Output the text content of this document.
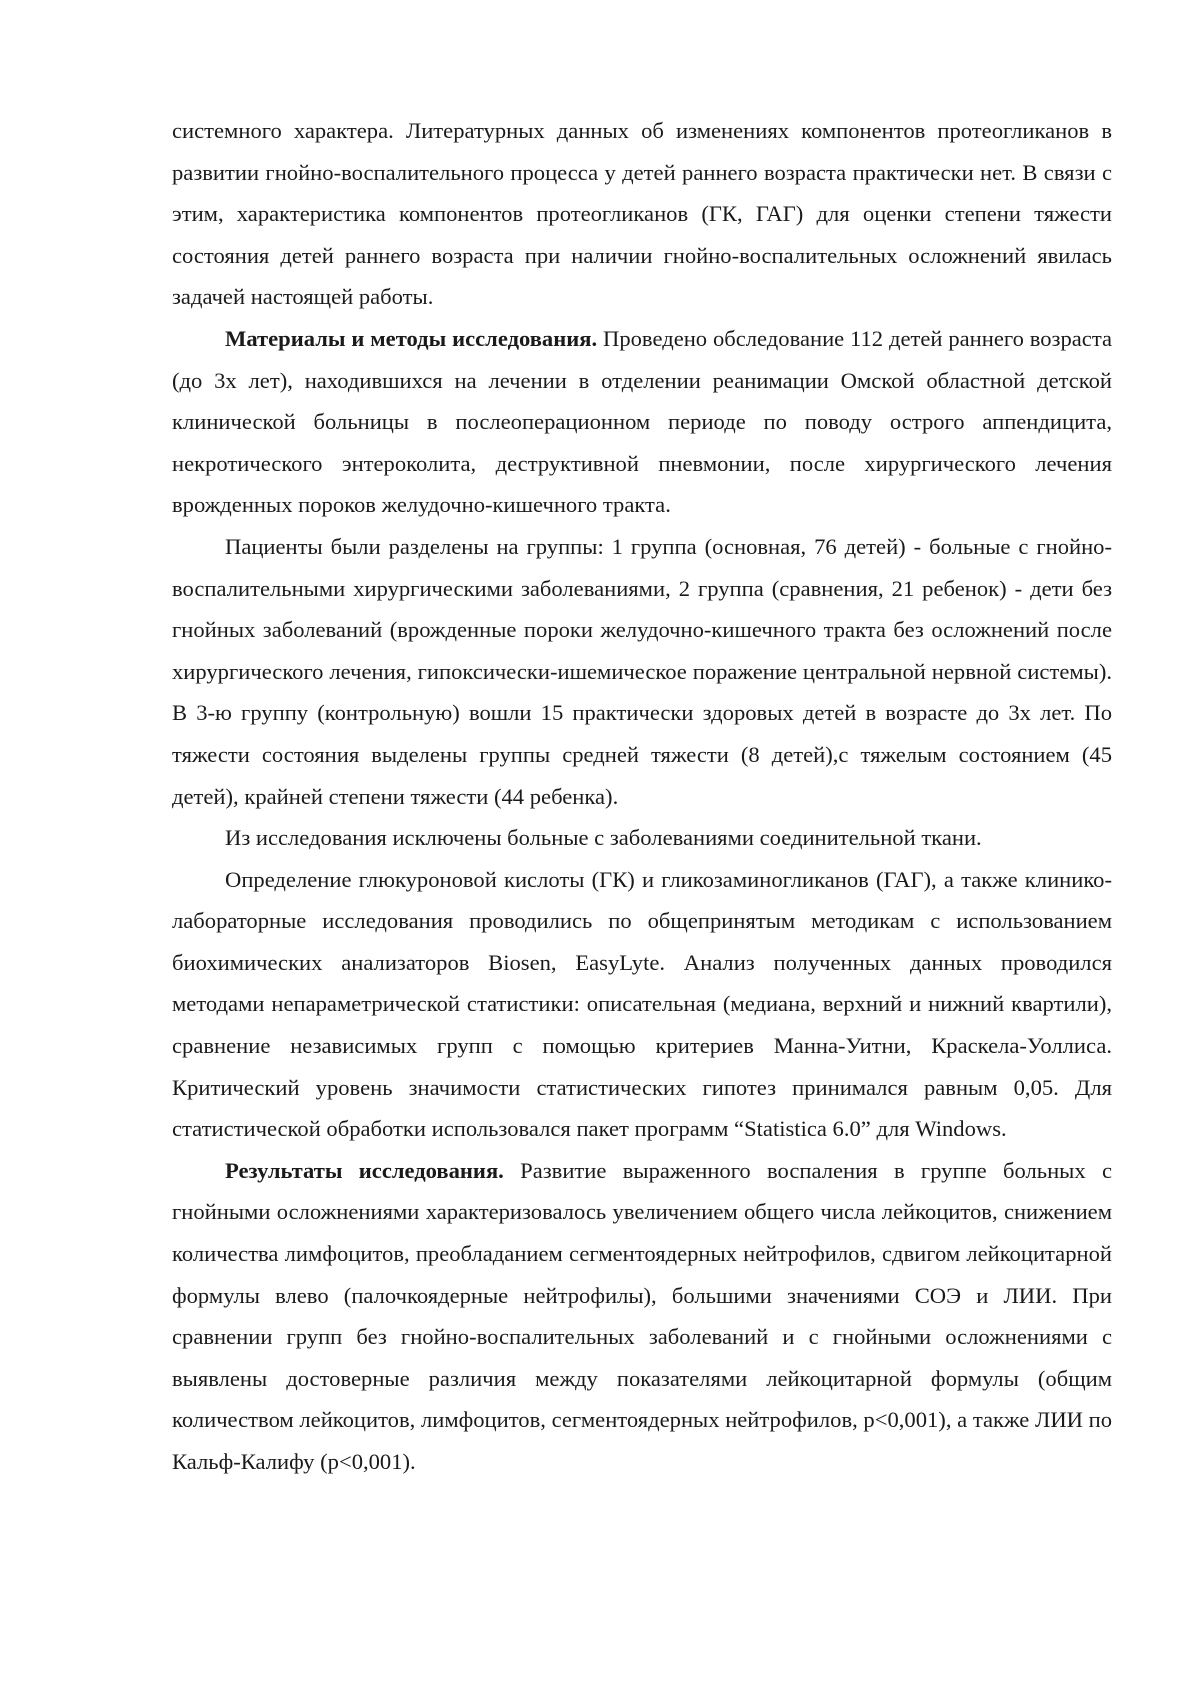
системного характера. Литературных данных об изменениях компонентов протеогликанов в развитии гнойно-воспалительного процесса у детей раннего возраста практически нет. В связи с этим, характеристика компонентов протеогликанов (ГК, ГАГ) для оценки степени тяжести состояния детей раннего возраста при наличии гнойно-воспалительных осложнений явилась задачей настоящей работы.

Материалы и методы исследования. Проведено обследование 112 детей раннего возраста (до 3х лет), находившихся на лечении в отделении реанимации Омской областной детской клинической больницы в послеоперационном периоде по поводу острого аппендицита, некротического энтероколита, деструктивной пневмонии, после хирургического лечения врожденных пороков желудочно-кишечного тракта.

Пациенты были разделены на группы: 1 группа (основная, 76 детей) - больные с гнойно-воспалительными хирургическими заболеваниями, 2 группа (сравнения, 21 ребенок) - дети без гнойных заболеваний (врожденные пороки желудочно-кишечного тракта без осложнений после хирургического лечения, гипоксически-ишемическое поражение центральной нервной системы). В 3-ю группу (контрольную) вошли 15 практически здоровых детей в возрасте до 3х лет. По тяжести состояния выделены группы средней тяжести (8 детей),с тяжелым состоянием (45 детей), крайней степени тяжести (44 ребенка).

Из исследования исключены больные с заболеваниями соединительной ткани.

Определение глюкуроновой кислоты (ГК) и гликозаминогликанов (ГАГ), а также клинико-лабораторные исследования проводились по общепринятым методикам с использованием биохимических анализаторов Biosen, EasyLyte. Анализ полученных данных проводился методами непараметрической статистики: описательная (медиана, верхний и нижний квартили), сравнение независимых групп с помощью критериев Манна-Уитни, Краскела-Уоллиса. Критический уровень значимости статистических гипотез принимался равным 0,05. Для статистической обработки использовался пакет программ “Statistica 6.0” для Windows.

Результаты исследования. Развитие выраженного воспаления в группе больных с гнойными осложнениями характеризовалось увеличением общего числа лейкоцитов, снижением количества лимфоцитов, преобладанием сегментоядерных нейтрофилов, сдвигом лейкоцитарной формулы влево (палочкоядерные нейтрофилы), большими значениями СОЭ и ЛИИ. При сравнении групп без гнойно-воспалительных заболеваний и с гнойными осложнениями с выявлены достоверные различия между показателями лейкоцитарной формулы (общим количеством лейкоцитов, лимфоцитов, сегментоядерных нейтрофилов, р<0,001), а также ЛИИ по Кальф-Калифу (р<0,001).
